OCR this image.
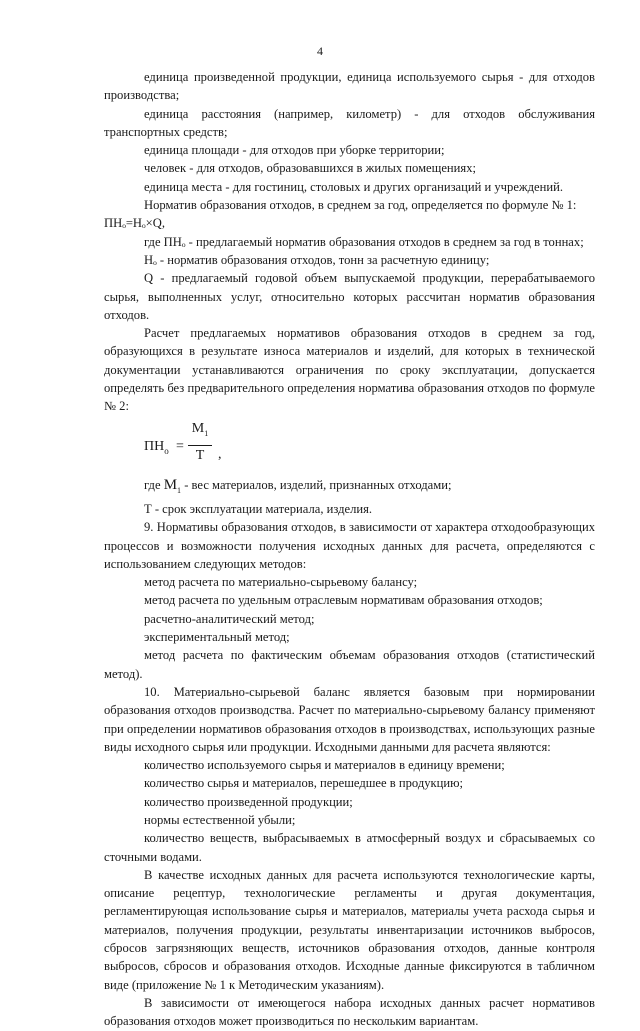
4

единица произведенной продукции, единица используемого сырья - для отходов производства;

единица расстояния (например, километр) - для отходов обслуживания транспортных средств;

единица площади - для отходов при уборке территории;

человек - для отходов, образовавшихся в жилых помещениях;

единица места - для гостиниц, столовых и других организаций и учреждений.

Норматив образования отходов, в среднем за год, определяется по формуле № 1:

ПНₒ=Нₒ×Q,

где ПНₒ - предлагаемый норматив образования отходов в среднем за год в тоннах;

Нₒ - норматив образования отходов, тонн за расчетную единицу;

Q - предлагаемый годовой объем выпускаемой продукции, перерабатываемого сырья, выполненных услуг, относительно которых рассчитан норматив образования отходов.

Расчет предлагаемых нормативов образования отходов в среднем за год, образующихся в результате износа материалов и изделий, для которых в технической документации устанавливаются ограничения по сроку эксплуатации, допускается определять без предварительного определения норматива образования отходов по формуле № 2:

$ПН_о$ =
$М_1$
Т ,

где $М_1$ - вес материалов, изделий, признанных отходами;

Т - срок эксплуатации материала, изделия.

9. Нормативы образования отходов, в зависимости от характера отходообразующих процессов и возможности получения исходных данных для расчета, определяются с использованием следующих методов:

метод расчета по материально-сырьевому балансу;

метод расчета по удельным отраслевым нормативам образования отходов;

расчетно-аналитический метод;

экспериментальный метод;

метод расчета по фактическим объемам образования отходов (статистический метод).

10. Материально-сырьевой баланс является базовым при нормировании образования отходов производства. Расчет по материально-сырьевому балансу применяют при определении нормативов образования отходов в производствах, использующих разные виды исходного сырья или продукции. Исходными данными для расчета являются:

количество используемого сырья и материалов в единицу времени;

количество сырья и материалов, перешедшее в продукцию;

количество произведенной продукции;

нормы естественной убыли;

количество веществ, выбрасываемых в атмосферный воздух и сбрасываемых со сточными водами.

В качестве исходных данных для расчета используются технологические карты, описание рецептур, технологические регламенты и другая документация, регламентирующая использование сырья и материалов, материалы учета расхода сырья и материалов, получения продукции, результаты инвентаризации источников выбросов, сбросов загрязняющих веществ, источников образования отходов, данные контроля выбросов, сбросов и образования отходов. Исходные данные фиксируются в табличном виде (приложение № 1 к Методическим указаниям).

В зависимости от имеющегося набора исходных данных расчет нормативов образования отходов может производиться по нескольким вариантам.
